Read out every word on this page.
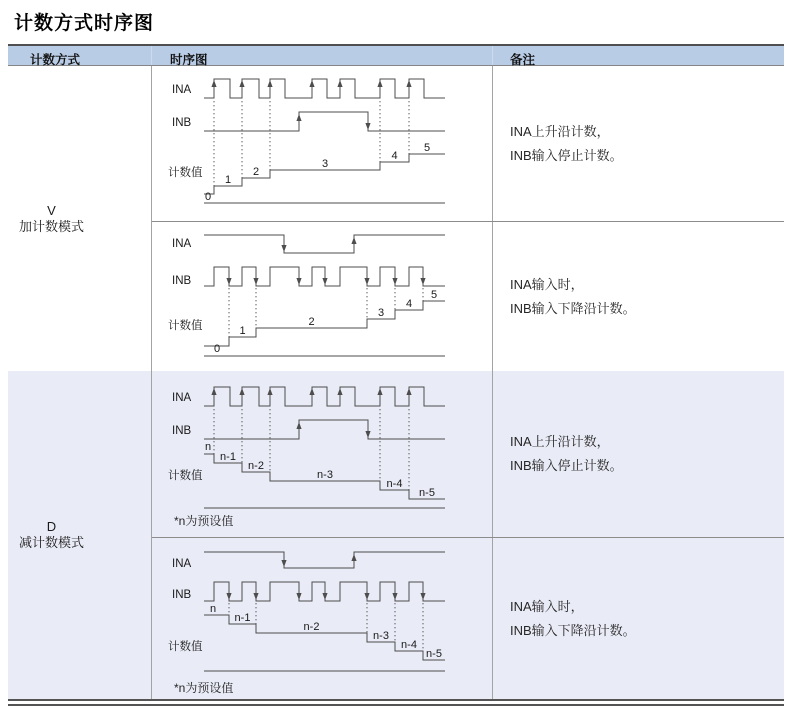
计数方式时序图
计数方式	时序图	备注
V
加计数模式
INA
INB
计数值
0
1
2
3
4
5
INA上升沿计数，
INB输入停止计数。
INA
INB
计数值
0
1
2
3
4
5
INA输入时，
INB输入下降沿计数。
D
减计数模式
INA
INB
计数值
n
n-1
n-2
n-3
n-4
n-5
*n为预设值
INA上升沿计数，
INB输入停止计数。
INA
INB
计数值
n
n-1
n-2
n-3
n-4
n-5
*n为预设值
INA输入时，
INB输入下降沿计数。
